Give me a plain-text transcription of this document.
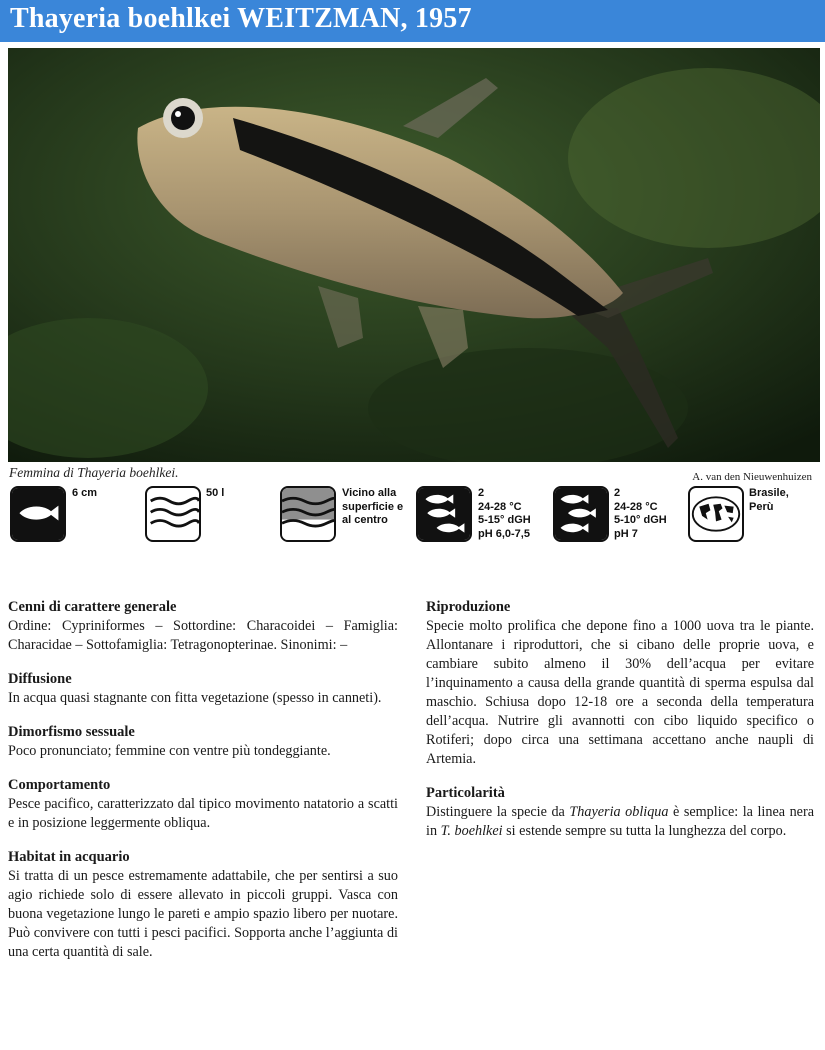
Thayeria boehlkei WEITZMAN, 1957
Femmina di Thayeria boehlkei.	A. van den Nieuwenhuizen
6 cm	50 l	Vicino alla
superficie e
al centro
2
24-28 °C
5-15° dGH
pH 6,0-7,5
2
24-28 °C
5-10° dGH
pH 7
Brasile,
Perù
Cenni di carattere generale

Ordine: Cypriniformes – Sottordine: Characoidei – Famiglia: Characidae – Sottofamiglia: Tetragonopterinae. Sinonimi: –

Diffusione

In acqua quasi stagnante con fitta vegetazione (spesso in canneti).

Dimorfismo sessuale

Poco pronunciato; femmine con ventre più tondeggiante.

Comportamento

Pesce pacifico, caratterizzato dal tipico movimento natatorio a scatti e in posizione leggermente obliqua.

Habitat in acquario

Si tratta di un pesce estremamente adattabile, che per sentirsi a suo agio richiede solo di essere allevato in piccoli gruppi. Vasca con buona vegetazione lungo le pareti e ampio spazio libero per nuotare. Può convivere con tutti i pesci pacifici. Sopporta anche l’aggiunta di una certa quantità di sale.

Riproduzione

Specie molto prolifica che depone fino a 1000 uova tra le piante. Allontanare i riproduttori, che si cibano delle proprie uova, e cambiare subito almeno il 30% dell’acqua per evitare l’inquinamento a causa della grande quantità di sperma espulsa dal maschio. Schiusa dopo 12-18 ore a seconda della temperatura dell’acqua. Nutrire gli avannotti con cibo liquido specifico o Rotiferi; dopo circa una settimana accettano anche naupli di Artemia.

Particolarità

Distinguere la specie da Thayeria obliqua è semplice: la linea nera in T. boehlkei si estende sempre su tutta la lunghezza del corpo.
